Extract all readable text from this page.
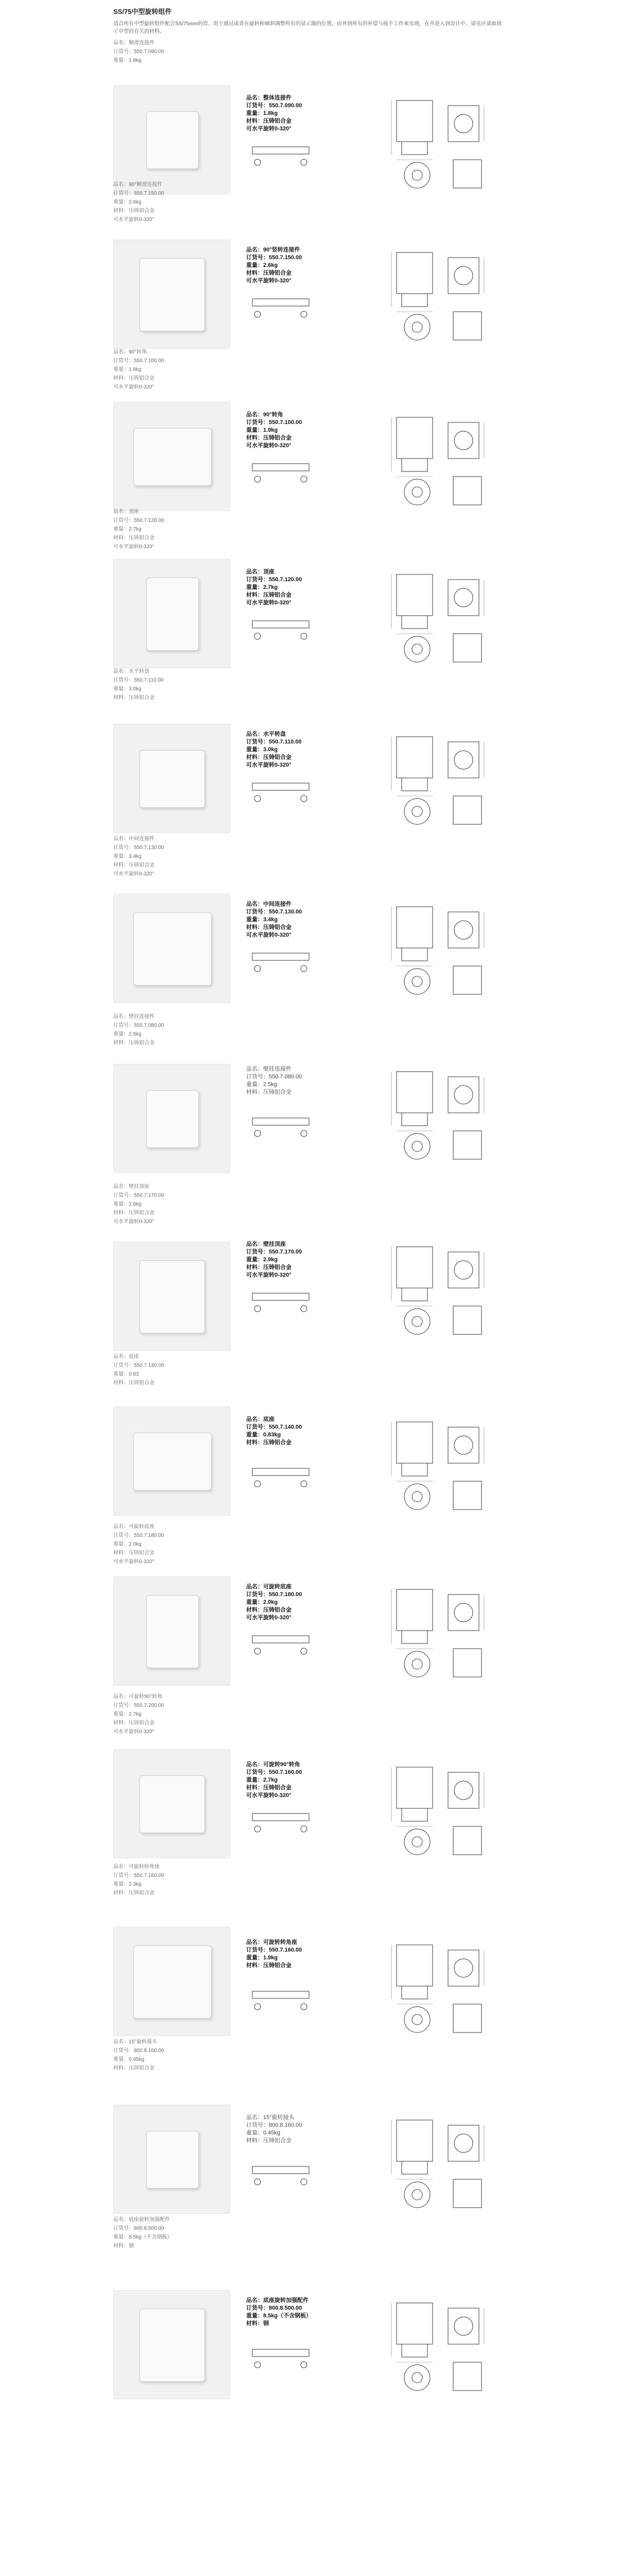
SS/75中型旋转组件

适合所有中型旋转组件配合SS/75mm的管。用于通过或者在旋转和倾斜调整所有的显示器的位置，由外到所有的补偿与接手工作来实现，在并进入到设计中，请见应请面到了中型的有关的材料。

品名：顺滑连接件
订货号：550.7.090.00
重量：1.8kg
品名：整体连接件
订货号：550.7.090.00
重量：1.8kg
材料：压铸铝合金
可水平旋转0-320°
品名：90°顺滑连接件
订货号：550.7.150.00
重量：2.6kg
材料：压铸铝合金
可水平旋转0-320°
品名：90°竖转连接件
订货号：550.7.150.00
重量：2.6kg
材料：压铸铝合金
可水平旋转0-320°
品名：90°转角
订货号：550.7.100.00
重量：1.9kg
材料：压铸铝合金
可水平旋转0-320°
品名：90°转角
订货号：550.7.100.00
重量：1.9kg
材料：压铸铝合金
可水平旋转0-320°
品名：顶座
订货号：550.7.120.00
重量：2.7kg
材料：压铸铝合金
可水平旋转0-320°
品名：顶座
订货号：550.7.120.00
重量：2.7kg
材料：压铸铝合金
可水平旋转0-320°
品名：水平转盘
订货号：550.7.110.00
重量：3.0kg
材料：压铸铝合金
品名：水平转盘
订货号：550.7.110.00
重量：3.0kg
材料：压铸铝合金
可水平旋转0-320°
品名：中间连接件
订货号：550.7.130.00
重量：3.4kg
材料：压铸铝合金
可水平旋转0-320°
品名：中间连接件
订货号：550.7.130.00
重量：3.4kg
材料：压铸铝合金
可水平旋转0-320°
品名：壁挂连接件
订货号：550.7.080.00
重量：2.5kg
材料：压铸铝合金
品名：壁挂连接件
订货号：550.7.080.00
重量：2.5kg
材料：压铸铝合金
品名：壁挂顶座
订货号：550.7.170.00
重量：2.6kg
材料：压铸铝合金
可水平旋转0-320°
品名：壁挂顶座
订货号：550.7.170.00
重量：2.9kg
材料：压铸铝合金
可水平旋转0-320°
品名：底座
订货号：550.7.140.00
重量：0.83
材料：压铸铝合金
品名：底座
订货号：550.7.140.00
重量：0.83kg
材料：压铸铝合金
品名：可旋转底座
订货号：550.7.180.00
重量：2.0kg
材料：压铸铝合金
可水平旋转0-320°
品名：可旋转底座
订货号：550.7.180.00
重量：2.0kg
材料：压铸铝合金
可水平旋转0-320°
品名：可旋转90°转角
订货号：550.7.200.00
重量：2.7kg
材料：压铸铝合金
可水平旋转0-320°
品名：可旋转90°转角
订货号：550.7.160.00
重量：2.7kg
材料：压铸铝合金
可水平旋转0-320°
品名：可旋转转角座
订货号：550.7.160.00
重量：2.3kg
材料：压铸铝合金
品名：可旋转转角座
订货号：550.7.160.00
重量：1.9kg
材料：压铸铝合金
品名：15°旋转接头
订货号：800.8.160.00
重量：0.45kg
材料：压铸铝合金
品名：15°旋转接头
订货号：800.8.160.00
重量：0.45kg
材料：压铸铝合金
品名：底座旋转加强配件
订货号：800.8.500.00
重量：8.5kg（不含钢板）
材料：钢
品名：底座旋转加强配件
订货号：800.8.500.00
重量：8.5kg（不含钢板）
材料：钢
